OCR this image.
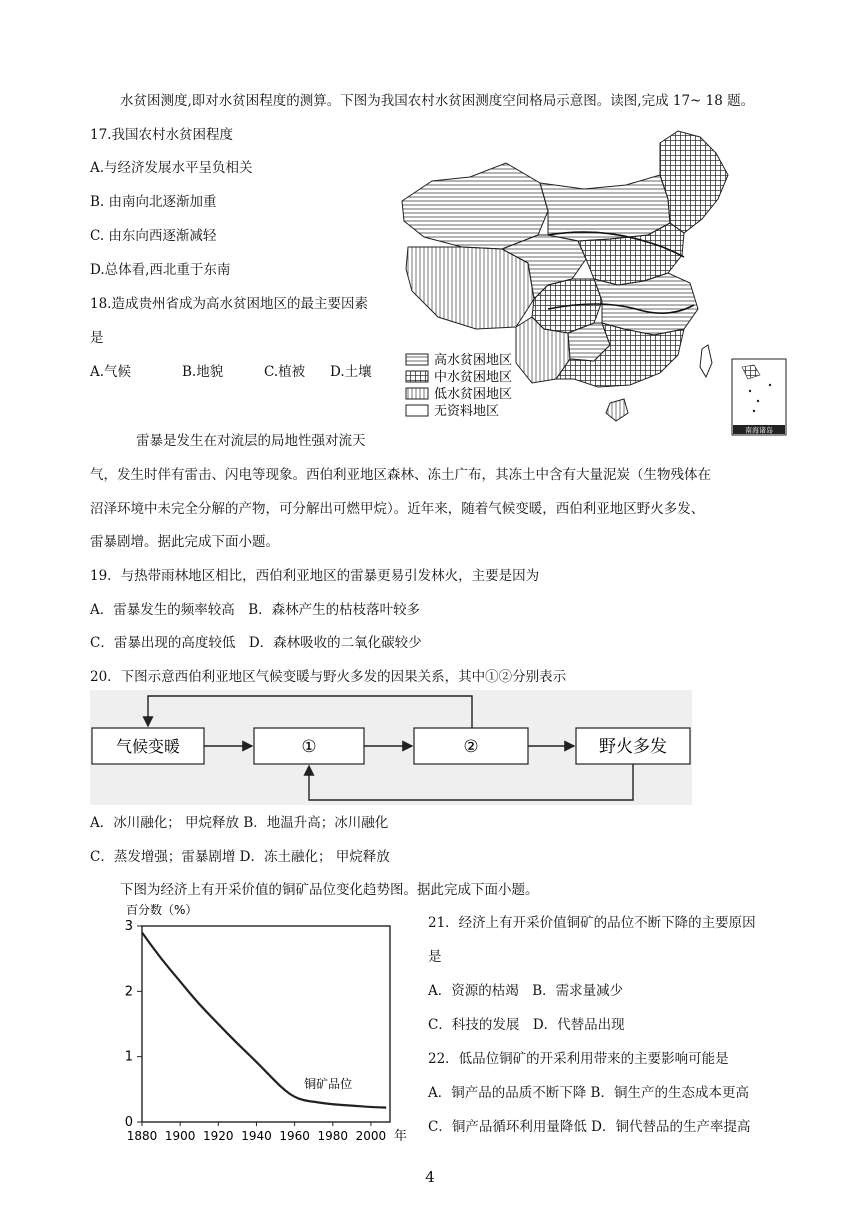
水贫困测度,即对水贫困程度的测算。下图为我国农村水贫困测度空间格局示意图。读图,完成 17~ 18 题。
17.我国农村水贫困程度
A.与经济发展水平呈负相关
B. 由南向北逐渐加重
C. 由东向西逐渐减轻
D.总体看,西北重于东南
18.造成贵州省成为高水贫困地区的最主要因素
是
A.气候	B.地貌	C.植被 D.土壤
高水贫困地区
中水贫困地区
低水贫困地区
无资料地区
南海诸岛
雷暴是发生在对流层的局地性强对流天
气，发生时伴有雷击、闪电等现象。西伯利亚地区森林、冻土广布，其冻土中含有大量泥炭（生物残体在
沼泽环境中未完全分解的产物，可分解出可燃甲烷）。近年来，随着气候变暖，西伯利亚地区野火多发、
雷暴剧增。据此完成下面小题。
19．与热带雨林地区相比，西伯利亚地区的雷暴更易引发林火，主要是因为
A．雷暴发生的频率较高　B．森林产生的枯枝落叶较多
C．雷暴出现的高度较低　D．森林吸收的二氧化碳较少
20．下图示意西伯利亚地区气候变暖与野火多发的因果关系，其中①②分别表示
气候变暖	①	②	野火多发
A．冰川融化； 甲烷释放 B．地温升高；冰川融化
C．蒸发增强；雷暴剧增 D．冻土融化； 甲烷释放
下图为经济上有开采价值的铜矿品位变化趋势图。据此完成下面小题。
百分数（%）
0
1
2
3
1880 1900 1920 1940 1960 1980 2000
铜矿品位
年
21．经济上有开采价值铜矿的品位不断下降的主要原因
是
A．资源的枯竭　B．需求量减少
C．科技的发展　D．代替品出现
22．低品位铜矿的开采利用带来的主要影响可能是
A．铜产品的品质不断下降 B．铜生产的生态成本更高
C．铜产品循环利用量降低 D．铜代替品的生产率提高
4
